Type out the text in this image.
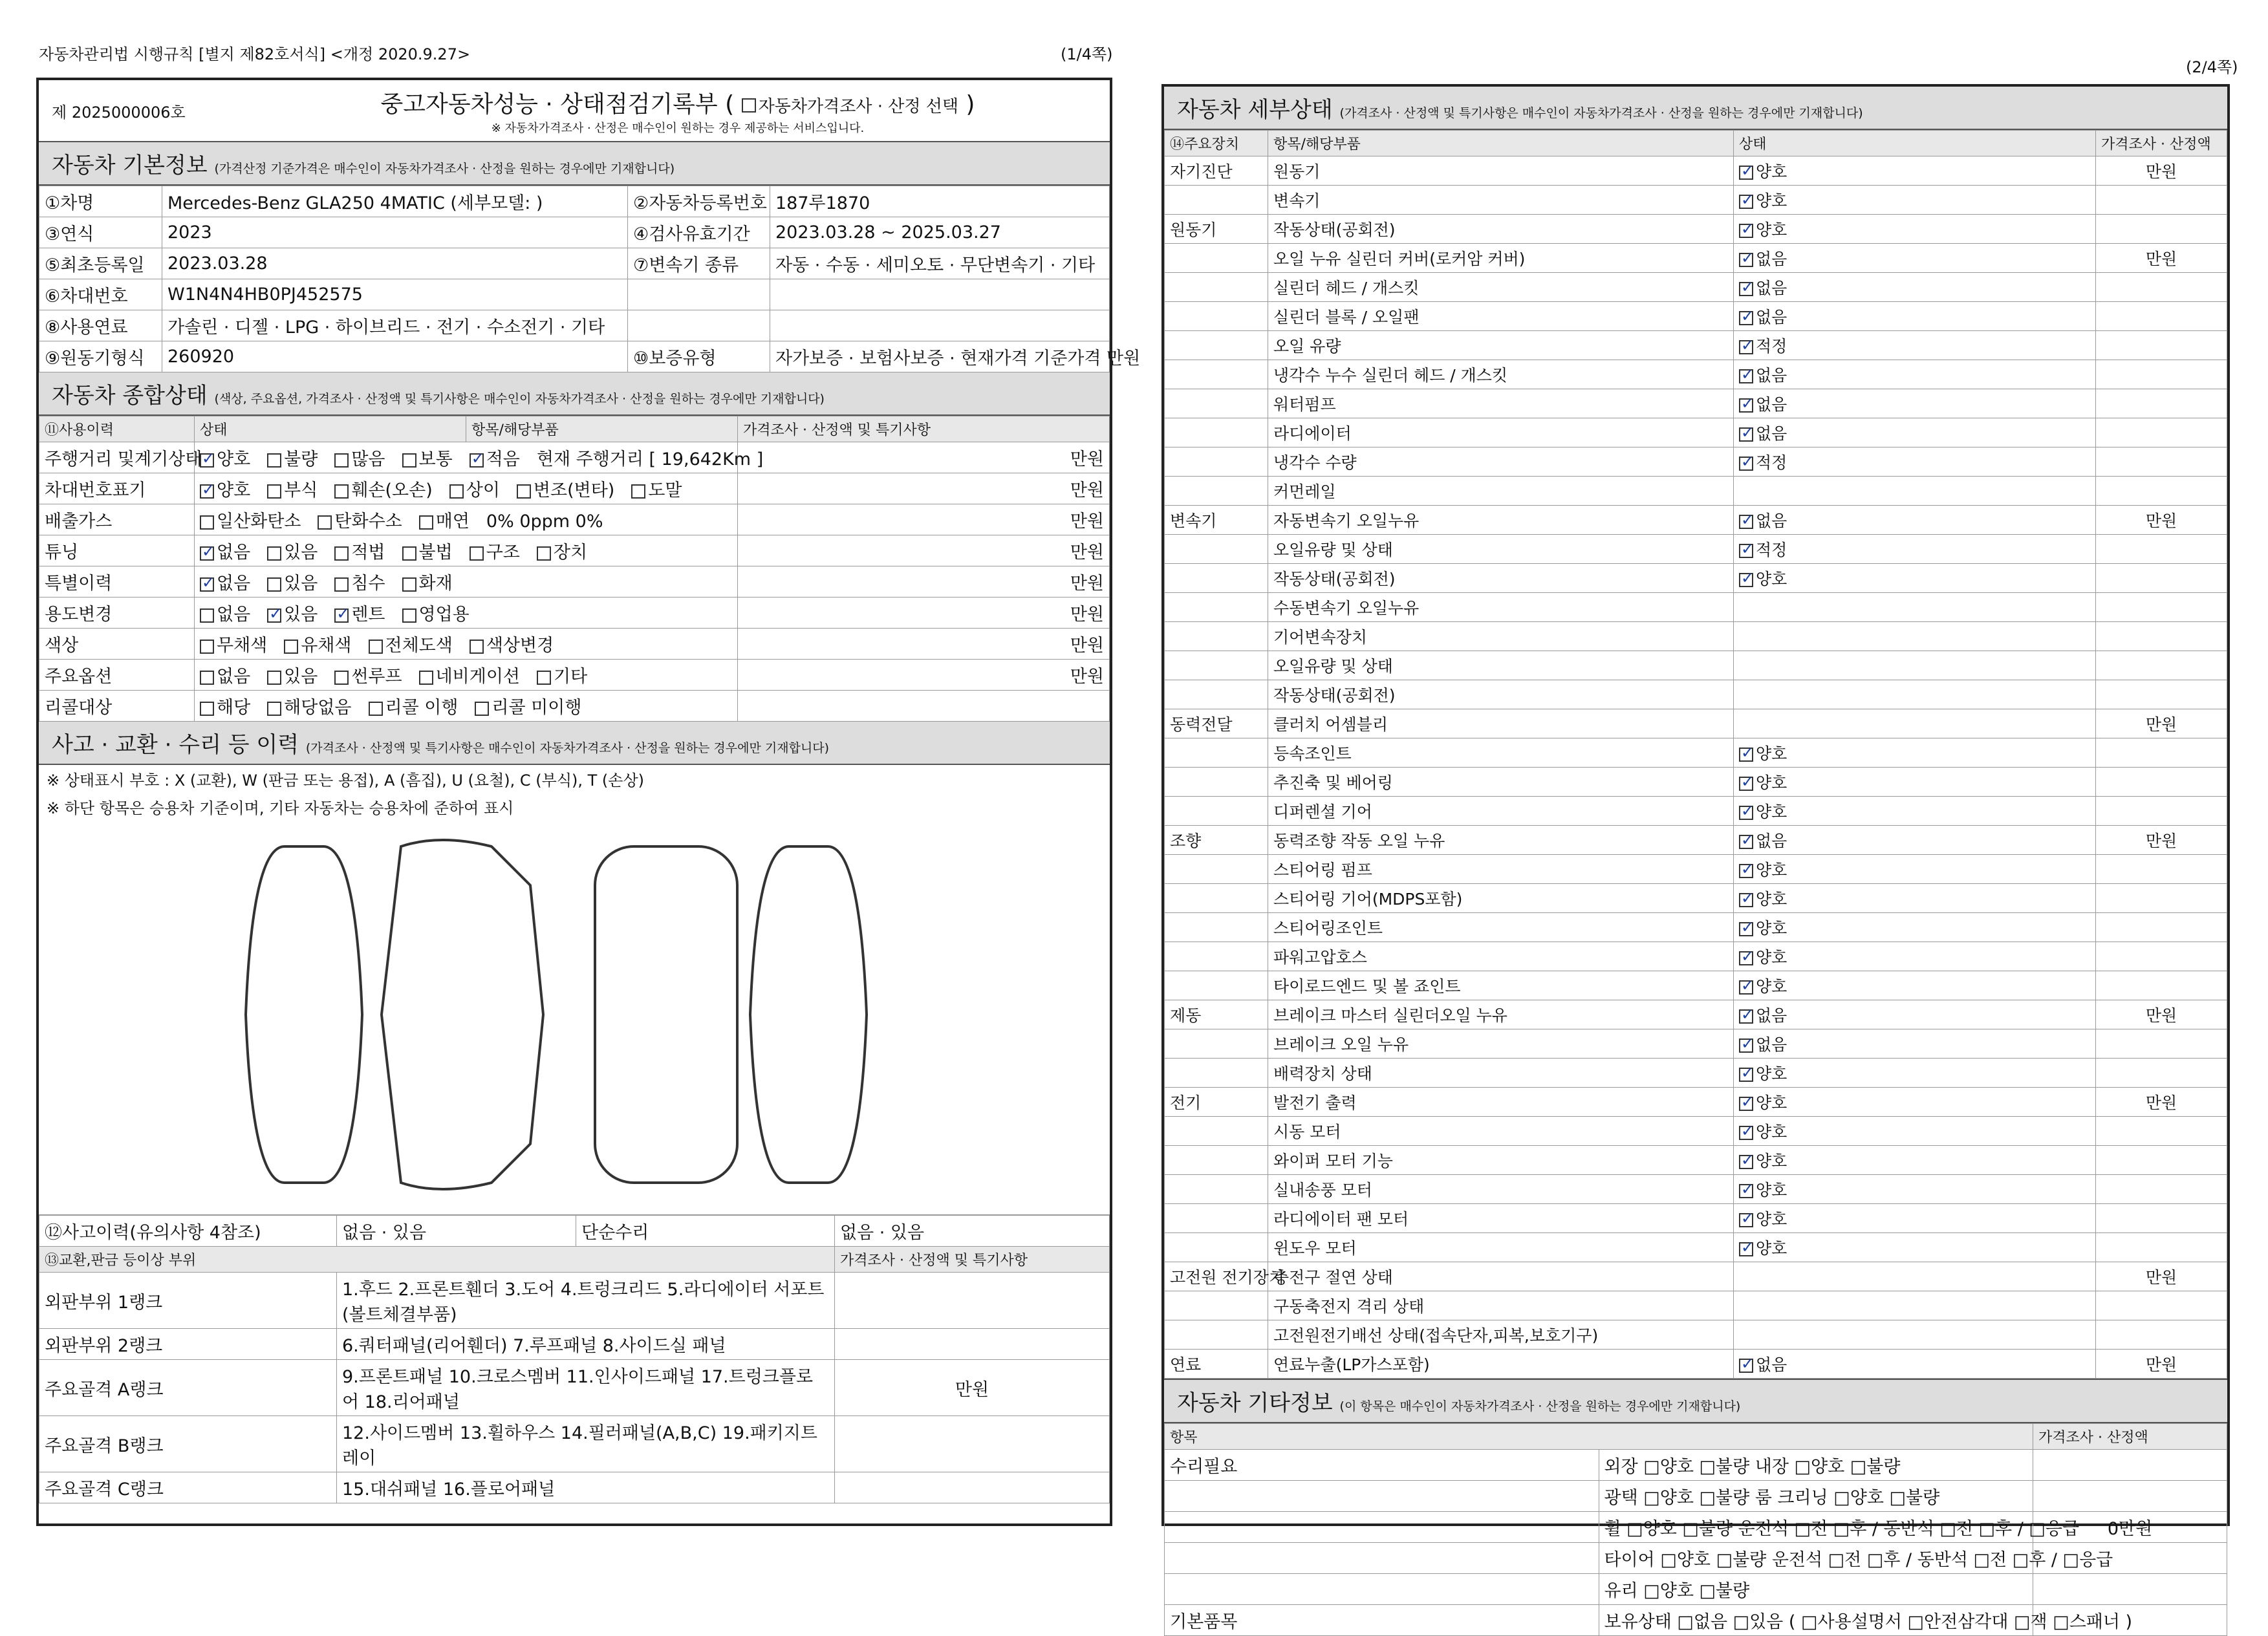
자동차관리법 시행규칙 [별지 제82호서식] <개정 2020.9.27>	(1/4쪽)
(2/4쪽)
제 2025000006호	중고자동차성능 · 상태점검기록부 ( 자동차가격조사 · 산정 선택 )
※ 자동차가격조사 · 산정은 매수인이 원하는 경우 제공하는 서비스입니다.
자동차 기본정보 (가격산정 기준가격은 매수인이 자동차가격조사 · 산정을 원하는 경우에만 기재합니다)
①차명	Mercedes-Benz GLA250 4MATIC (세부모델: )	②자동차등록번호	187루1870
③연식	2023	④검사유효기간	2023.03.28 ~ 2025.03.27
⑤최초등록일	2023.03.28	⑦변속기 종류	자동 · 수동 · 세미오토 · 무단변속기 · 기타
⑥차대번호	W1N4N4HB0PJ452575		
⑧사용연료	가솔린 · 디젤 · LPG · 하이브리드 · 전기 · 수소전기 · 기타		
⑨원동기형식	260920	⑩보증유형	자가보증 · 보험사보증 · 현재가격 기준가격 만원
자동차 종합상태 (색상, 주요옵션, 가격조사 · 산정액 및 특기사항은 매수인이 자동차가격조사 · 산정을 원하는 경우에만 기재합니다)
⑪사용이력	상태	항목/해당부품	가격조사 · 산정액 및 특기사항
주행거리 및계기상태	✓양호 불량 많음 보통 ✓ 적음 현재 주행거리 [ 19,642Km ]		만원
차대번호표기	✓양호 부식 훼손(오손) 상이 변조(변타) 도말		만원
배출가스	일산화탄소 탄화수소 매연 0% 0ppm 0%		만원
튜닝	✓없음 있음 적법 불법 구조 장치		만원
특별이력	✓없음 있음 침수 화재		만원
용도변경	없음 ✓ 있음 ✓ 렌트 영업용		만원
색상	무채색 유채색 전체도색 색상변경		만원
주요옵션	없음 있음 썬루프 네비게이션 기타		만원
리콜대상	해당 해당없음 리콜 이행 리콜 미이행		
사고 · 교환 · 수리 등 이력 (가격조사 · 산정액 및 특기사항은 매수인이 자동차가격조사 · 산정을 원하는 경우에만 기재합니다)
※ 상태표시 부호 : X (교환), W (판금 또는 용접), A (흠집), U (요철), C (부식), T (손상)
※ 하단 항목은 승용차 기준이며, 기타 자동차는 승용차에 준하여 표시
⑫사고이력(유의사항 4참조)	없음 · 있음	단순수리	없음 · 있음
⑬교환,판금 등이상 부위			가격조사 · 산정액 및 특기사항
외판부위 1랭크	1.후드 2.프론트휀더 3.도어 4.트렁크리드 5.라디에이터 서포트(볼트체결부품)		
외판부위 2랭크	6.쿼터패널(리어휀더) 7.루프패널 8.사이드실 패널		
주요골격 A랭크	9.프론트패널 10.크로스멤버 11.인사이드패널 17.트렁크플로어 18.리어패널		만원
주요골격 B랭크	12.사이드멤버 13.휠하우스 14.필러패널(A,B,C) 19.패키지트레이		
주요골격 C랭크	15.대쉬패널 16.플로어패널		
자동차 세부상태 (가격조사 · 산정액 및 특기사항은 매수인이 자동차가격조사 · 산정을 원하는 경우에만 기재합니다)
⑭주요장치	항목/해당부품	상태	가격조사 · 산정액
자기진단	원동기	✓양호	만원
	변속기	✓양호	
원동기	작동상태(공회전)	✓양호	
	오일 누유 실린더 커버(로커암 커버)	✓없음	만원
	실린더 헤드 / 개스킷	✓없음	
	실린더 블록 / 오일팬	✓없음	
	오일 유량	✓적정	
	냉각수 누수 실린더 헤드 / 개스킷	✓없음	
	워터펌프	✓없음	
	라디에이터	✓없음	
	냉각수 수량	✓적정	
	커먼레일		
변속기	자동변속기 오일누유	✓없음	만원
	오일유량 및 상태	✓적정	
	작동상태(공회전)	✓양호	
	수동변속기 오일누유		
	기어변속장치		
	오일유량 및 상태		
	작동상태(공회전)		
동력전달	클러치 어셈블리		만원
	등속조인트	✓양호	
	추진축 및 베어링	✓양호	
	디퍼렌셜 기어	✓양호	
조향	동력조향 작동 오일 누유	✓없음	만원
	스티어링 펌프	✓양호	
	스티어링 기어(MDPS포함)	✓양호	
	스티어링조인트	✓양호	
	파워고압호스	✓양호	
	타이로드엔드 및 볼 죠인트	✓양호	
제동	브레이크 마스터 실린더오일 누유	✓없음	만원
	브레이크 오일 누유	✓없음	
	배력장치 상태	✓양호	
전기	발전기 출력	✓양호	만원
	시동 모터	✓양호	
	와이퍼 모터 기능	✓양호	
	실내송풍 모터	✓양호	
	라디에이터 팬 모터	✓양호	
	윈도우 모터	✓양호	
고전원 전기장치	충전구 절연 상태		만원
	구동축전지 격리 상태		
	고전원전기배선 상태(접속단자,피복,보호기구)		
연료	연료누출(LP가스포함)	✓없음	만원
자동차 기타정보 (이 항목은 매수인이 자동차가격조사 · 산정을 원하는 경우에만 기재합니다)
항목		가격조사 · 산정액
수리필요	외장 □양호 □불량 내장 □양호 □불량	
	광택 □양호 □불량 룸 크리닝 □양호 □불량	
	휠 □양호 □불량 운전석 □전 □후 / 동반석 □전 □후 / □응급	0만원
	타이어 □양호 □불량 운전석 □전 □후 / 동반석 □전 □후 / □응급	
	유리 □양호 □불량	
기본품목	보유상태 □없음 □있음 ( □사용설명서 □안전삼각대 □잭 □스패너 )	
